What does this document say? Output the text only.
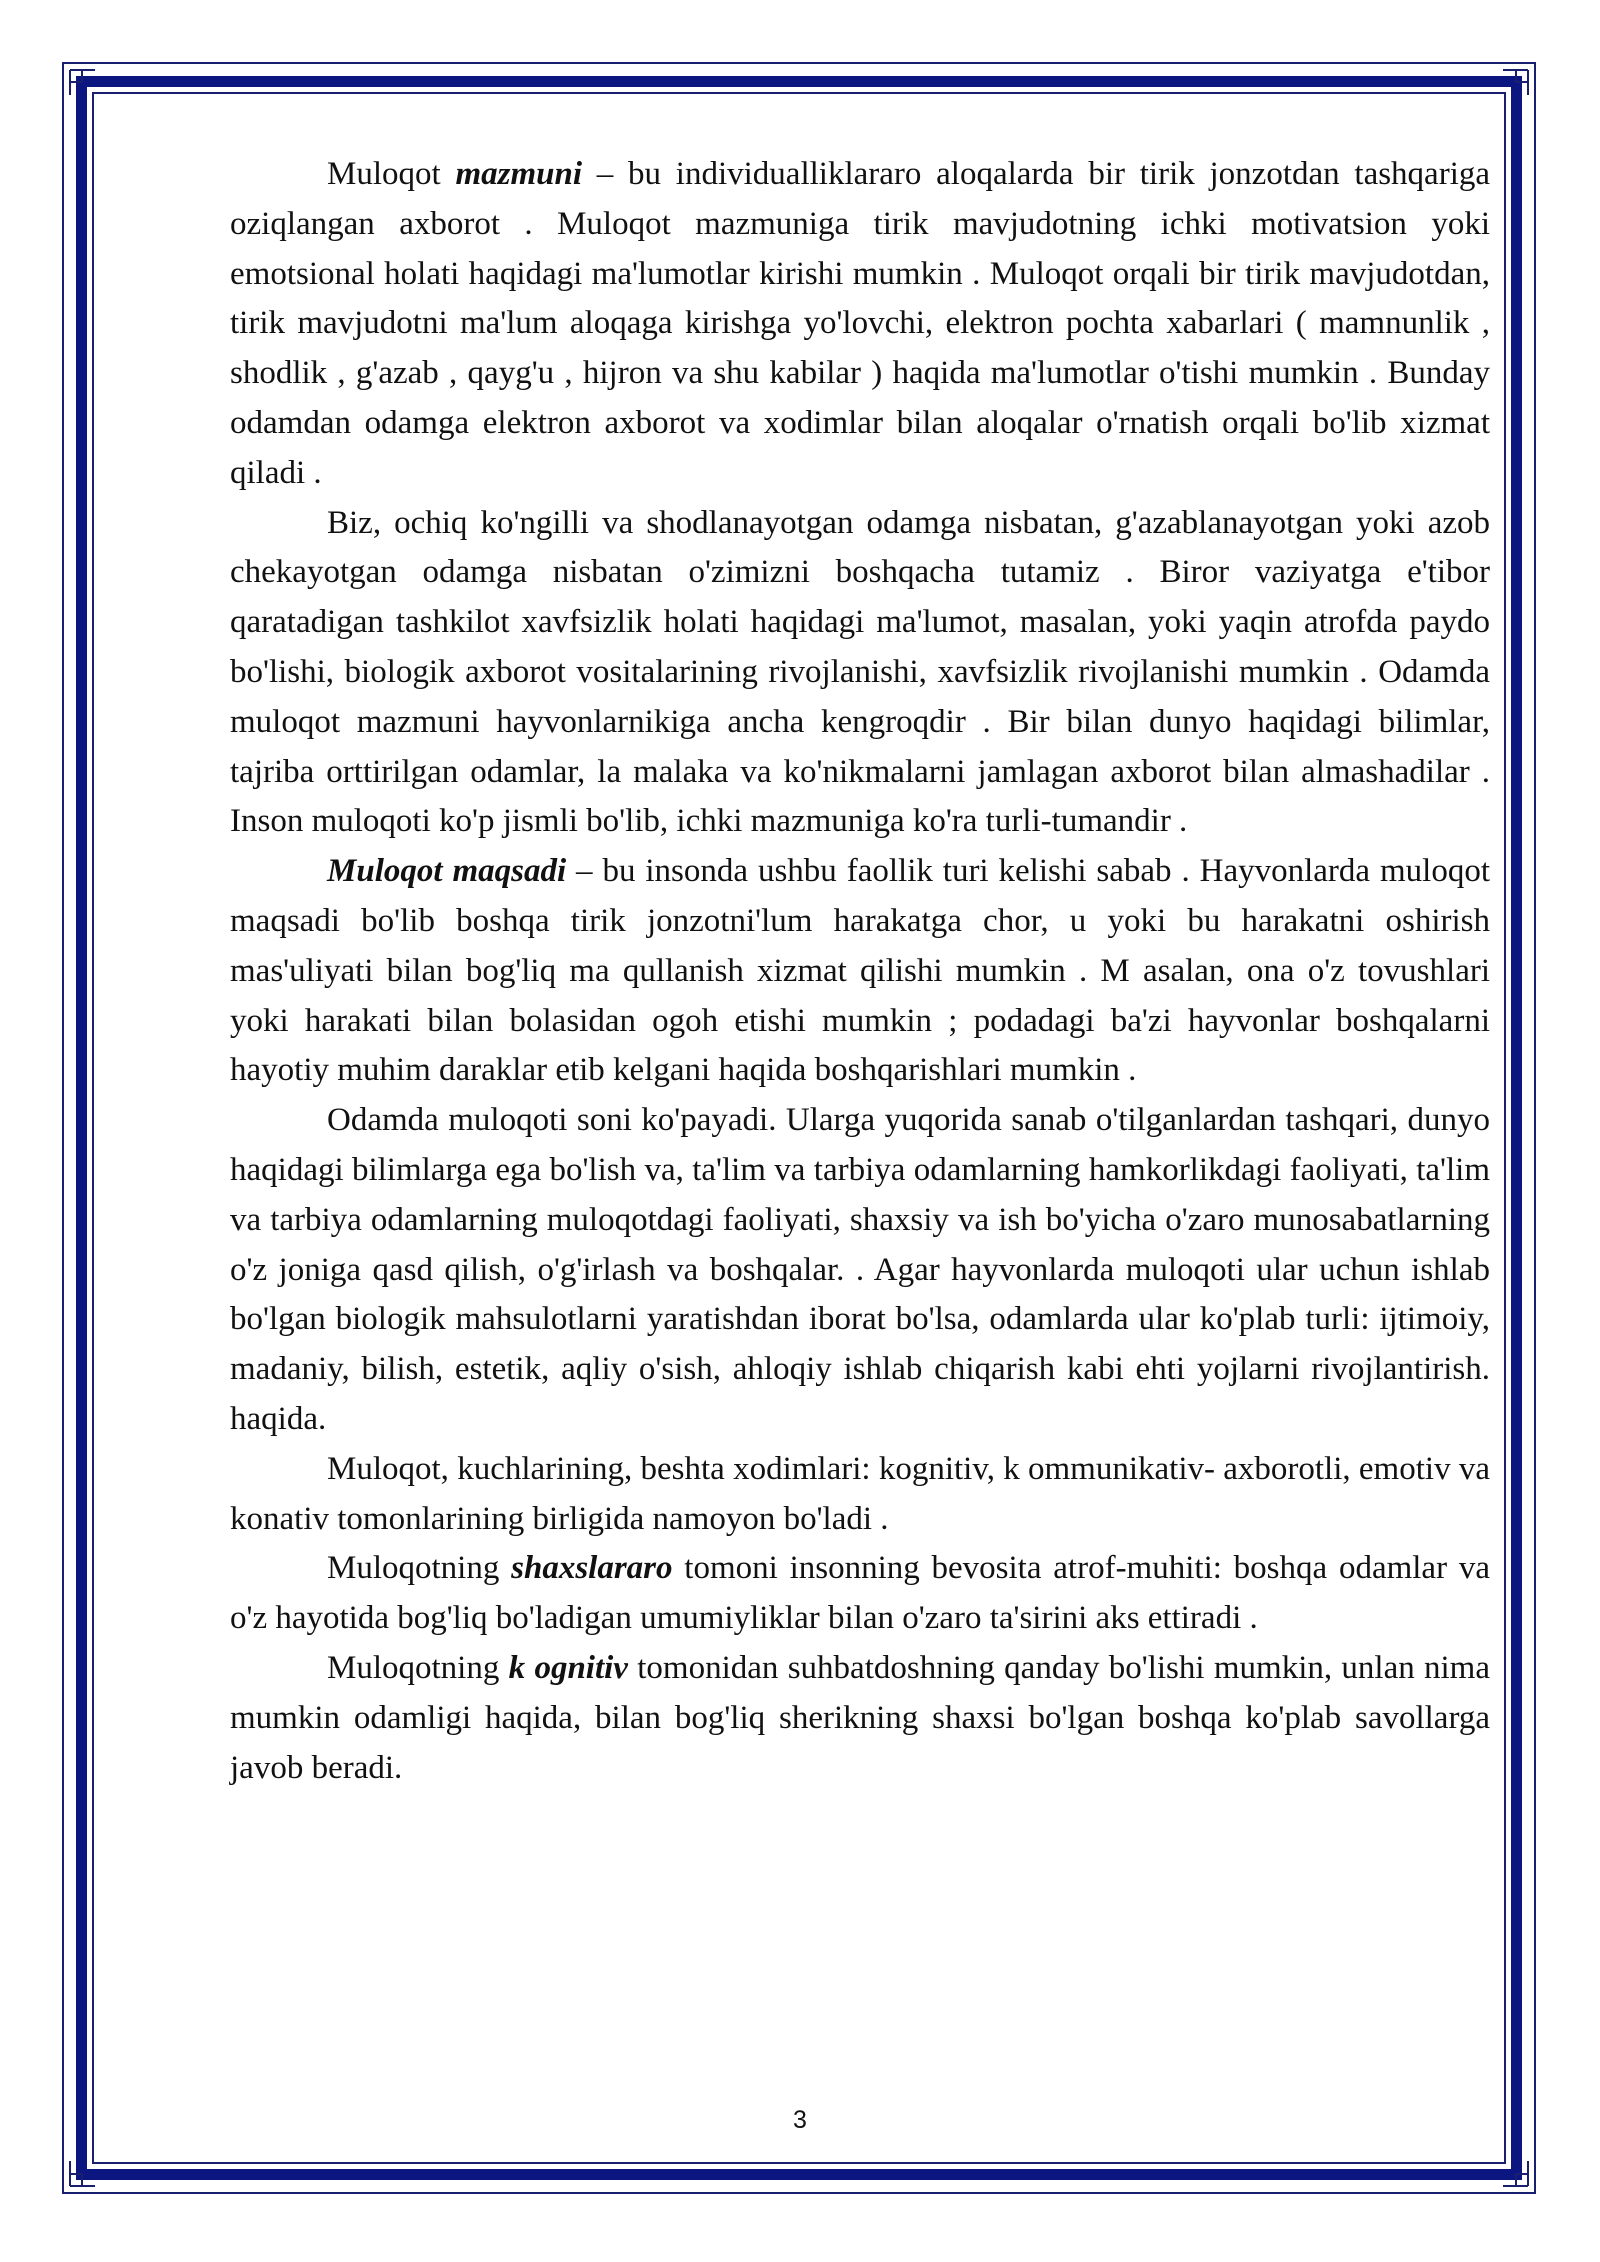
Muloqot mazmuni – bu individualliklararo aloqalarda bir tirik jonzotdan tashqariga oziqlangan axborot . Muloqot mazmuniga tirik mavjudotning ichki motivatsion yoki emotsional holati haqidagi ma'lumotlar kirishi mumkin . Muloqot orqali bir tirik mavjudotdan, tirik mavjudotni ma'lum aloqaga kirishga yo'lovchi, elektron pochta xabarlari ( mamnunlik , shodlik , g'azab , qayg'u , hijron va shu kabilar ) haqida ma'lumotlar o'tishi mumkin . Bunday odamdan odamga elektron axborot va xodimlar bilan aloqalar o'rnatish orqali bo'lib xizmat qiladi .

Biz, ochiq ko'ngilli va shodlanayotgan odamga nisbatan, g'azablanayotgan yoki azob chekayotgan odamga nisbatan o'zimizni boshqacha tutamiz . Biror vaziyatga e'tibor qaratadigan tashkilot xavfsizlik holati haqidagi ma'lumot, masalan, yoki yaqin atrofda paydo bo'lishi, biologik axborot vositalarining rivojlanishi, xavfsizlik rivojlanishi mumkin . Odamda muloqot mazmuni hayvonlarnikiga ancha kengroqdir . Bir bilan dunyo haqidagi bilimlar, tajriba orttirilgan odamlar, la malaka va ko'nikmalarni jamlagan axborot bilan almashadilar . Inson muloqoti ko'p jismli bo'lib, ichki mazmuniga ko'ra turli-tumandir .

Muloqot maqsadi – bu insonda ushbu faollik turi kelishi sabab . Hayvonlarda muloqot maqsadi bo'lib boshqa tirik jonzotni'lum harakatga chor, u yoki bu harakatni oshirish mas'uliyati bilan bog'liq ma qullanish xizmat qilishi mumkin . M asalan, ona o'z tovushlari yoki harakati bilan bolasidan ogoh etishi mumkin ; podadagi ba'zi hayvonlar boshqalarni hayotiy muhim daraklar etib kelgani haqida boshqarishlari mumkin .

Odamda muloqoti soni ko'payadi. Ularga yuqorida sanab o'tilganlardan tashqari, dunyo haqidagi bilimlarga ega bo'lish va, ta'lim va tarbiya odamlarning hamkorlikdagi faoliyati, ta'lim va tarbiya odamlarning muloqotdagi faoliyati, shaxsiy va ish bo'yicha o'zaro munosabatlarning o'z joniga qasd qilish, o'g'irlash va boshqalar. . Agar hayvonlarda muloqoti ular uchun ishlab bo'lgan biologik mahsulotlarni yaratishdan iborat bo'lsa, odamlarda ular ko'plab turli: ijtimoiy, madaniy, bilish, estetik, aqliy o'sish, ahloqiy ishlab chiqarish kabi ehti yojlarni rivojlantirish. haqida.

Muloqot, kuchlarining, beshta xodimlari: kognitiv, k ommunikativ- axborotli, emotiv va konativ tomonlarining birligida namoyon bo'ladi .

Muloqotning shaxslararo tomoni insonning bevosita atrof-muhiti: boshqa odamlar va o'z hayotida bog'liq bo'ladigan umumiyliklar bilan o'zaro ta'sirini aks ettiradi .

Muloqotning k ognitiv tomonidan suhbatdoshning qanday bo'lishi mumkin, unlan nima mumkin odamligi haqida, bilan bog'liq sherikning shaxsi bo'lgan boshqa ko'plab savollarga javob beradi.

3
